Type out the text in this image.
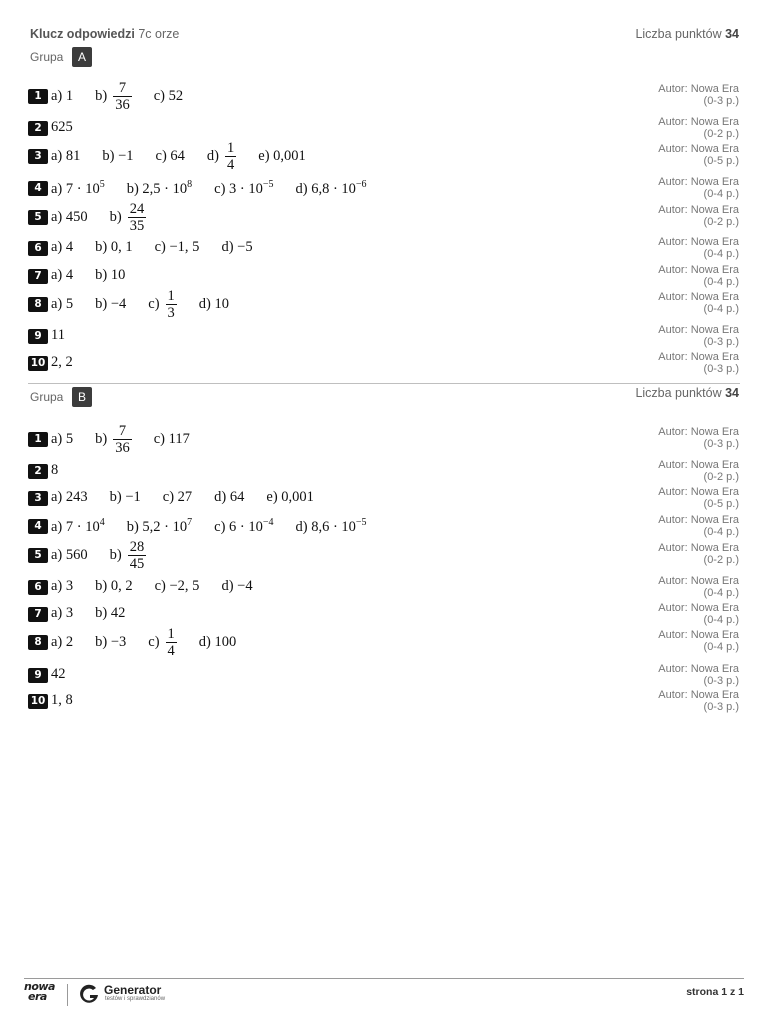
Klucz odpowiedzi 7c orze	Liczba punktów 34
Grupa	A
1 a) 1 $b) \frac{7}{36} c$) 52	Autor: Nowa Era
(0-3 p.)
2 625	Autor: Nowa Era
(0-2 p.)
3 a) 81 b) −1 c) 64 $d) \frac{1}{4} e$) 0,001	Autor: Nowa Era
(0-5 p.)
4 a) $7 \cdot 10^5$ b) $2,5 \cdot 10^8$ c) $3 \cdot 10^{-5}$ d) $6,8 \cdot 10^{-6}$	Autor: Nowa Era
(0-4 p.)
5 a) 450 $b) \frac{24}{35}$	Autor: Nowa Era
(0-2 p.)
6 a) 4 b) 0, 1 c) −1, 5 d) −5	Autor: Nowa Era
(0-4 p.)
7 a) 4 b) 10	Autor: Nowa Era
(0-4 p.)
8 a) 5 b) −4 $c) \frac{1}{3} d$) 10	Autor: Nowa Era
(0-4 p.)
9 11	Autor: Nowa Era
(0-3 p.)
10 2, 2	Autor: Nowa Era
(0-3 p.)
Grupa	B	Liczba punktów 34
1 a) 5 $b) \frac{7}{36} c$) 117	Autor: Nowa Era
(0-3 p.)
2 8	Autor: Nowa Era
(0-2 p.)
3 a) 243 b) −1 c) 27 d) 64 e) 0,001	Autor: Nowa Era
(0-5 p.)
4 a) $7 \cdot 10^4$ b) $5,2 \cdot 10^7$ c) $6 \cdot 10^{-4}$ d) $8,6 \cdot 10^{-5}$	Autor: Nowa Era
(0-4 p.)
5 a) 560 $b) \frac{28}{45}$	Autor: Nowa Era
(0-2 p.)
6 a) 3 b) 0, 2 c) −2, 5 d) −4	Autor: Nowa Era
(0-4 p.)
7 a) 3 b) 42	Autor: Nowa Era
(0-4 p.)
8 a) 2 b) −3 $c) \frac{1}{4} d$) 100	Autor: Nowa Era
(0-4 p.)
9 42	Autor: Nowa Era
(0-3 p.)
10 1, 8	Autor: Nowa Era
(0-3 p.)
nowa
era	Generator
testów i sprawdzianów
strona 1 z 1
